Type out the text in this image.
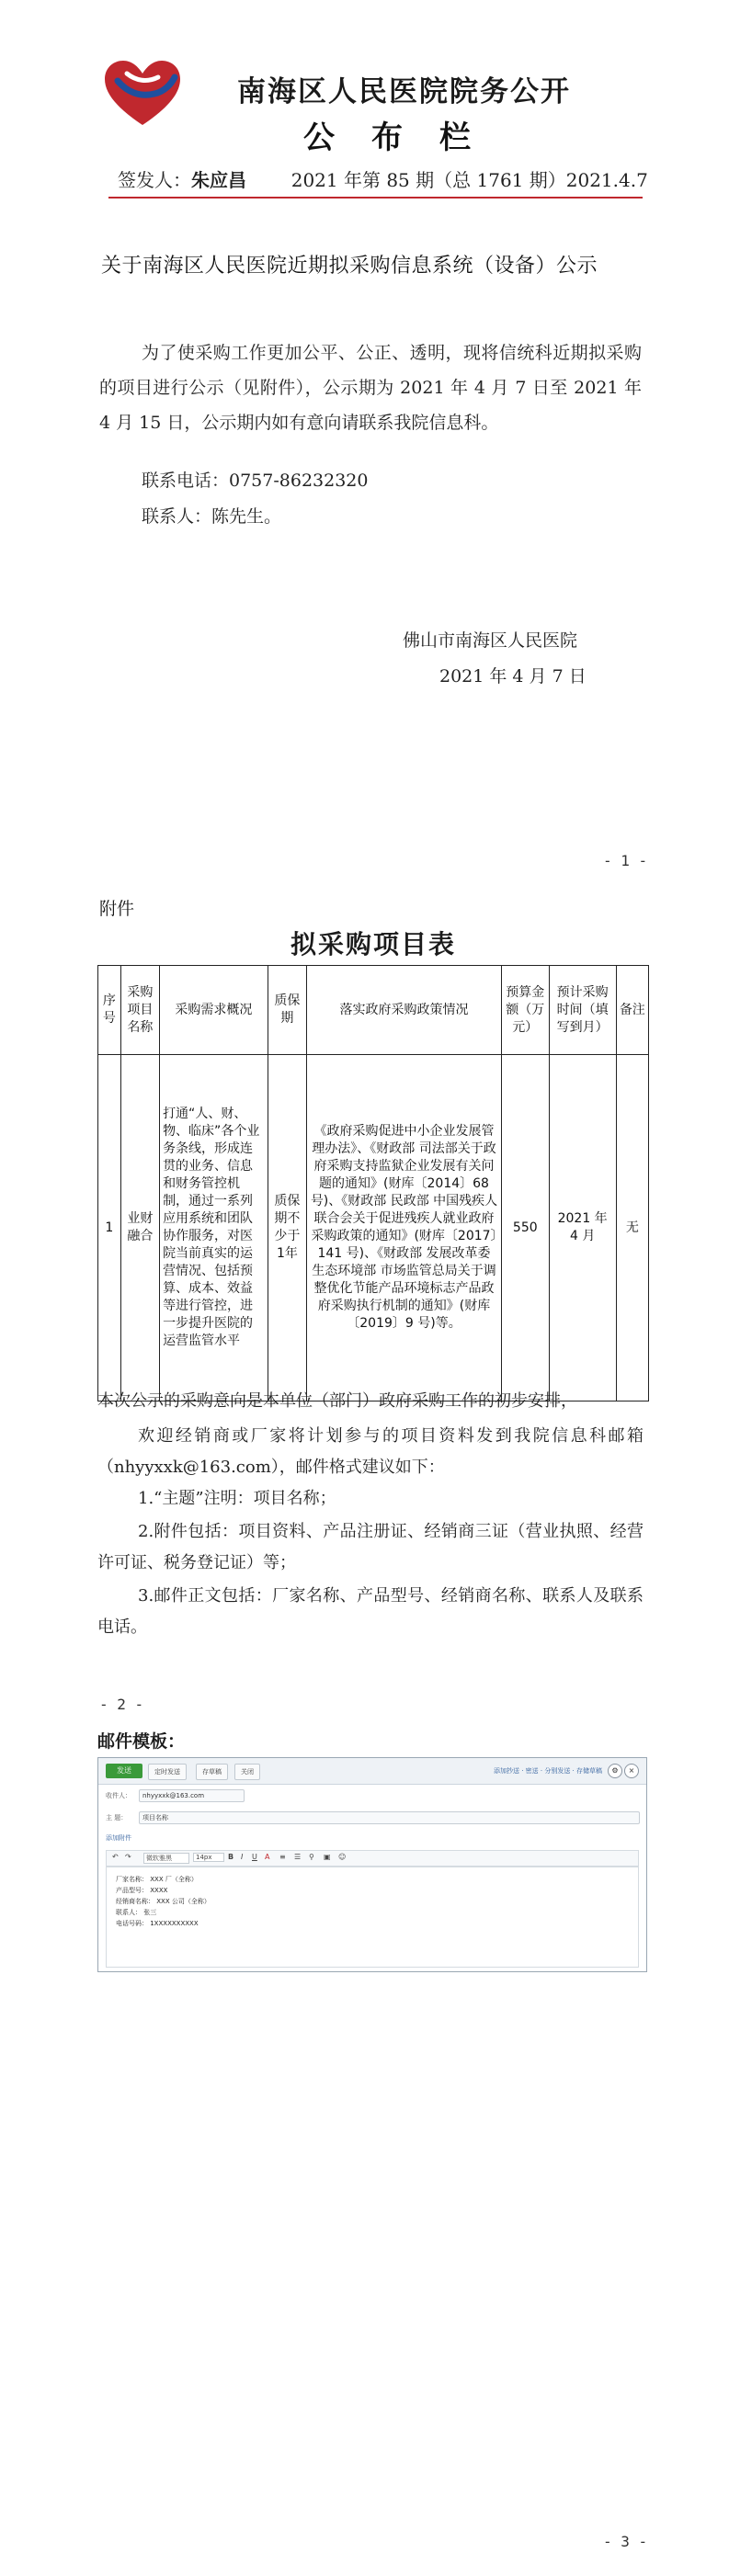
南海区人民医院院务公开
公布栏
签发人：朱应昌 2021 年第 85 期（总 1761 期）2021.4.7
关于南海区人民医院近期拟采购信息系统（设备）公示
为了使采购工作更加公平、公正、透明，现将信统科近期拟采购的项目进行公示（见附件），公示期为 2021 年 4 月 7 日至 2021 年 4 月 15 日，公示期内如有意向请联系我院信息科。
联系电话：0757-86232320
联系人：陈先生。
佛山市南海区人民医院
2021 年 4 月 7 日
- 1 -
附件
拟采购项目表
序号	采购项目名称	采购需求概况	质保期	落实政府采购政策情况	预算金额（万元）	预计采购时间（填写到月）	备注
1	业财融合	打通“人、财、物、临床”各个业务条线，形成连贯的业务、信息和财务管控机制，通过一系列应用系统和团队协作服务，对医院当前真实的运营情况、包括预算、成本、效益等进行管控，进一步提升医院的运营监管水平	质保期不少于1年	《政府采购促进中小企业发展管理办法》、《财政部 司法部关于政府采购支持监狱企业发展有关问题的通知》(财库〔2014〕68 号)、《财政部 民政部 中国残疾人联合会关于促进残疾人就业政府采购政策的通知》(财库〔2017〕141 号)、《财政部 发展改革委 生态环境部 市场监管总局关于调整优化节能产品环境标志产品政府采购执行机制的通知》(财库〔2019〕9 号)等。	550	2021 年 4 月	无
本次公示的采购意向是本单位（部门）政府采购工作的初步安排，
欢迎经销商或厂家将计划参与的项目资料发到我院信息科邮箱（nhyyxxk@163.com），邮件格式建议如下：
1.“主题”注明：项目名称；
2.附件包括：项目资料、产品注册证、经销商三证（营业执照、经营许可证、税务登记证）等；
3.邮件正文包括：厂家名称、产品型号、经销商名称、联系人及联系电话。
- 2 -
邮件模板：
发送	定时发送	存草稿	关闭	添加抄送 · 密送 · 分别发送 · 存储草稿	⚙	×
收件人：	nhyyxxk@163.com
主 题：	项目名称
添加附件
↶ ↷	微软雅黑	14px	B I U A ≡ ☰ ⚲ ▣ ☺
厂家名称： XXX 厂（全称）
产品型号： XXXX
经销商名称： XXX 公司（全称）
联系人： 张三
电话号码： 1XXXXXXXXXX
- 3 -
